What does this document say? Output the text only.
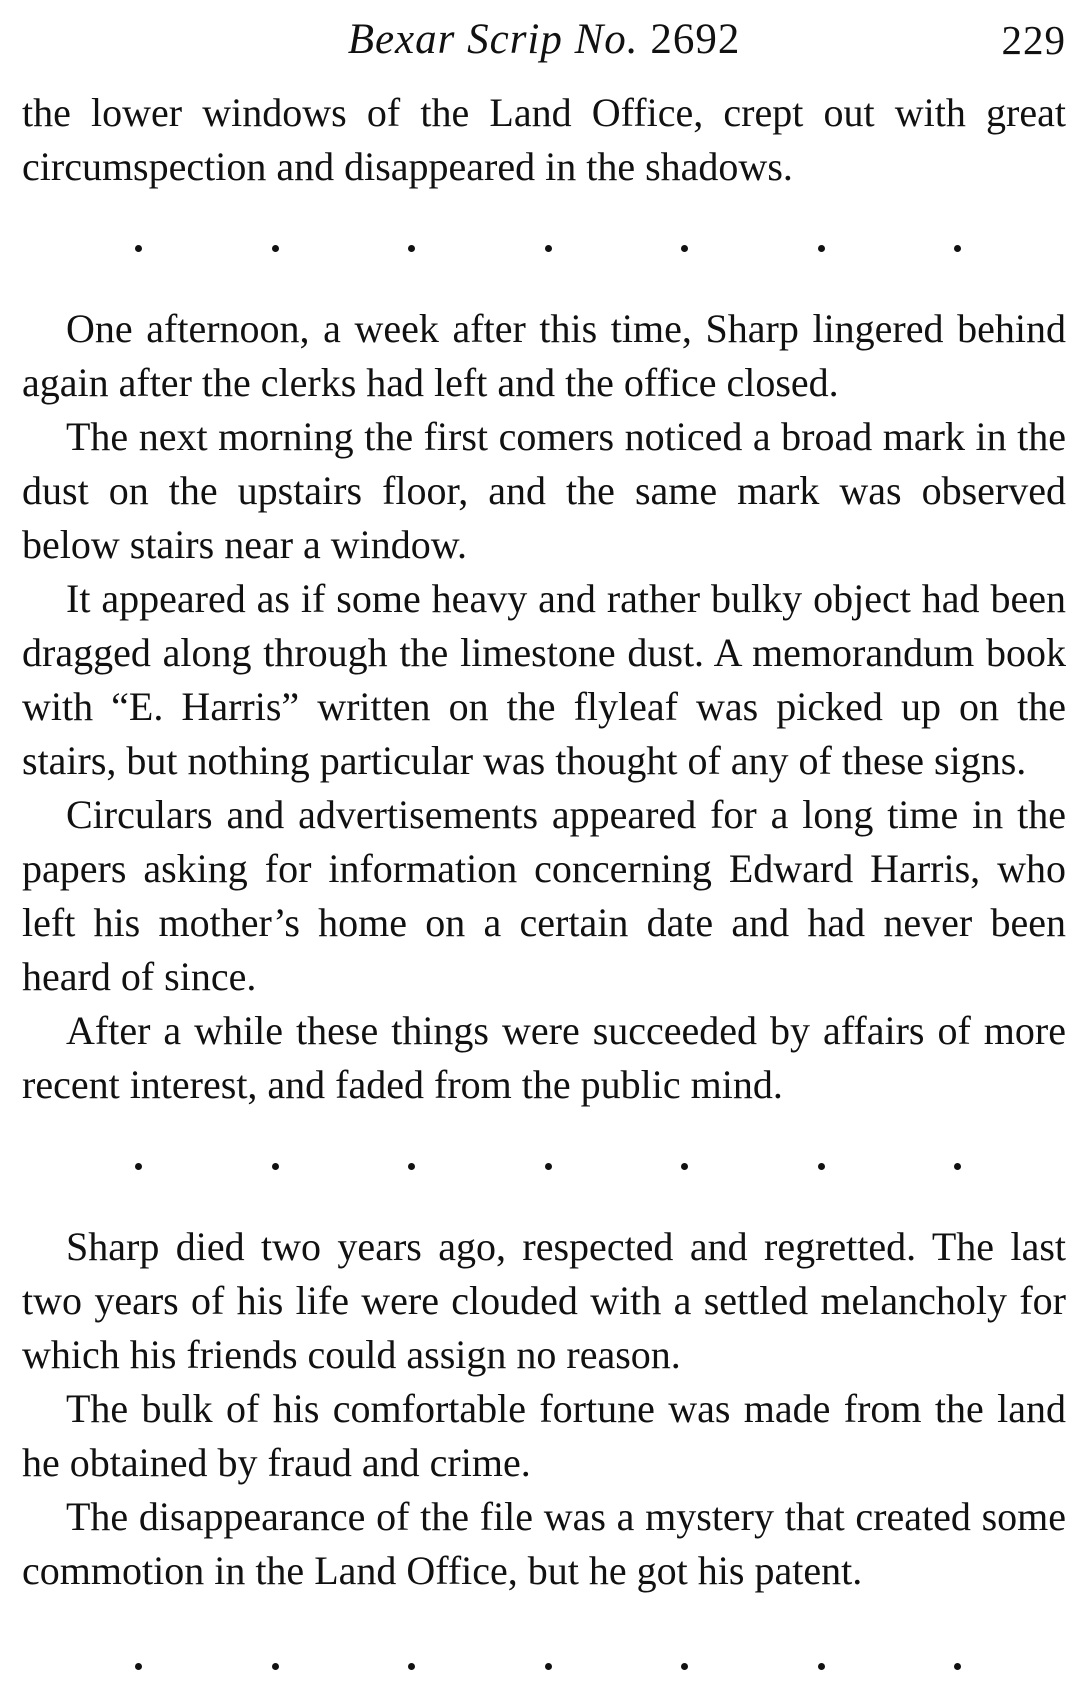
Bexar Scrip No. 2692	229

the lower windows of the Land Office, crept out with great circumspection and disappeared in the shadows.

One afternoon, a week after this time, Sharp lingered behind again after the clerks had left and the office closed.

The next morning the first comers noticed a broad mark in the dust on the upstairs floor, and the same mark was observed below stairs near a window.

It appeared as if some heavy and rather bulky object had been dragged along through the limestone dust. A memorandum book with “E. Harris” written on the flyleaf was picked up on the stairs, but nothing particular was thought of any of these signs.

Circulars and advertisements appeared for a long time in the papers asking for information concerning Edward Harris, who left his mother’s home on a certain date and had never been heard of since.

After a while these things were succeeded by affairs of more recent interest, and faded from the public mind.

Sharp died two years ago, respected and regretted. The last two years of his life were clouded with a settled melancholy for which his friends could assign no reason.

The bulk of his comfortable fortune was made from the land he obtained by fraud and crime.

The disappearance of the file was a mystery that created some commotion in the Land Office, but he got his patent.
